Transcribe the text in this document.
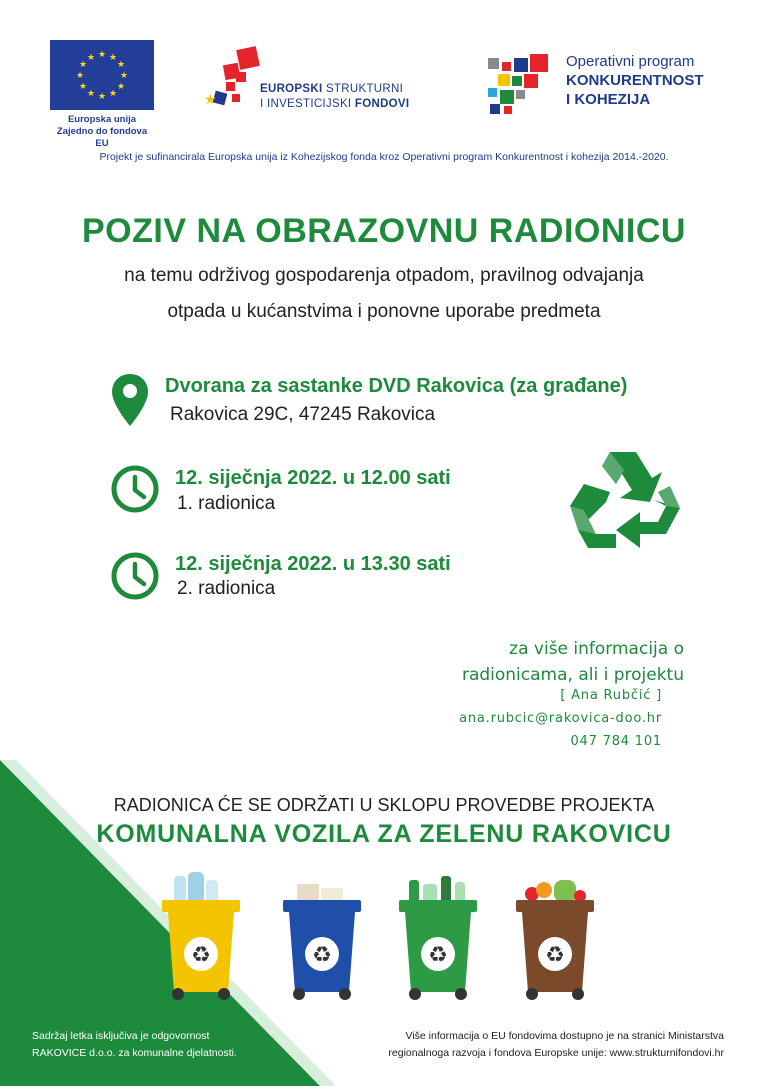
★ ★
★
★
★
★
★
★
★
★
★
★
Europska unija
Zajedno do fondova EU
★
EUROPSKI STRUKTURNI
I INVESTICIJSKI FONDOVI
Operativni program
KONKURENTNOST
I KOHEZIJA
Projekt je sufinancirala Europska unija iz Kohezijskog fonda kroz Operativni program Konkurentnost i kohezija 2014.-2020.
POZIV NA OBRAZOVNU RADIONICU
na temu održivog gospodarenja otpadom, pravilnog odvajanja
otpada u kućanstvima i ponovne uporabe predmeta
Dvorana za sastanke DVD Rakovica (za građane)
Rakovica 29C, 47245 Rakovica
12. siječnja 2022. u 12.00 sati
1. radionica
12. siječnja 2022. u 13.30 sati
2. radionica
za više informacija o
radionicama, ali i projektu
[ Ana Rubčić ]
ana.rubcic@rakovica-doo.hr
047 784 101
RADIONICA ĆE SE ODRŽATI U SKLOPU PROVEDBE PROJEKTA
KOMUNALNA VOZILA ZA ZELENU RAKOVICU
♻	♻	♻	♻
Sadržaj letka isključiva je odgovornost
RAKOVICE d.o.o. za komunalne djelatnosti.
Više informacija o EU fondovima dostupno je na stranici Ministarstva
regionalnoga razvoja i fondova Europske unije: www.strukturnifondovi.hr
